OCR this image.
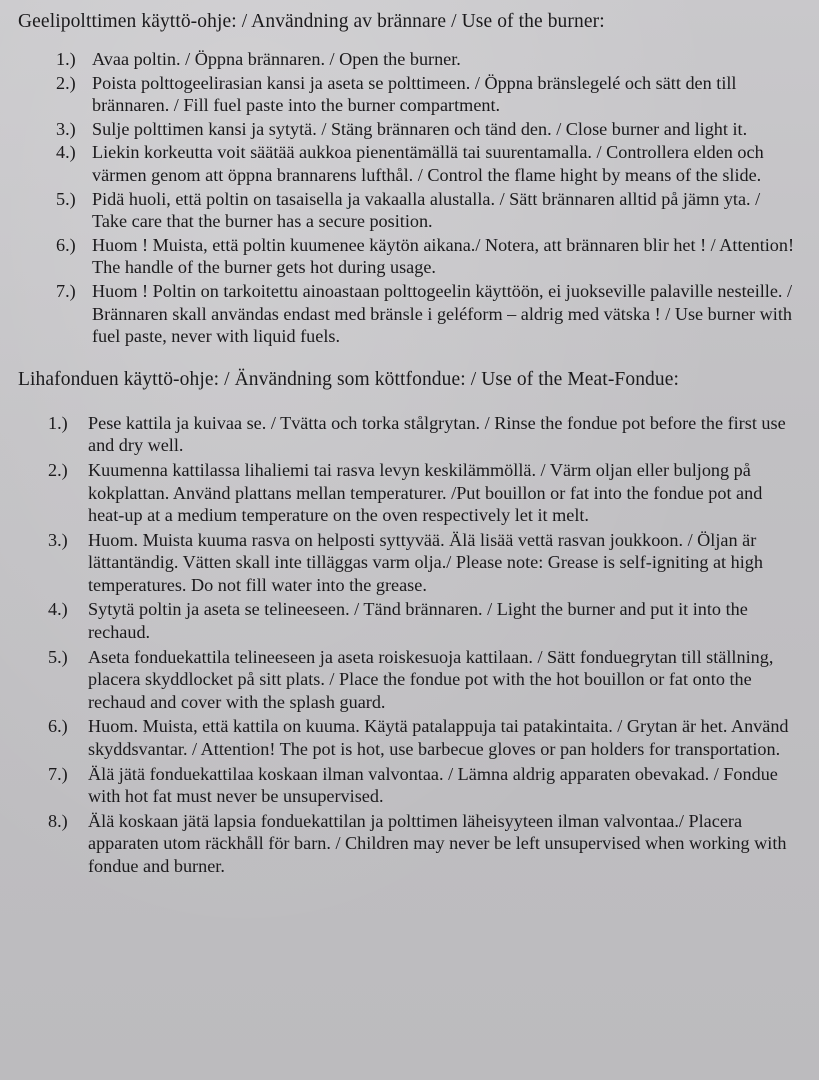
Geelipolttimen käyttö-ohje: / Användning av brännare / Use of the burner:
1.) Avaa poltin. / Öppna brännaren. / Open the burner.
2.) Poista polttogeelirasian kansi ja aseta se polttimeen. / Öppna bränslegelé och sätt den till brännaren. / Fill fuel paste into the burner compartment.
3.) Sulje polttimen kansi ja sytytä. / Stäng brännaren och tänd den. / Close burner and light it.
4.) Liekin korkeutta voit säätää aukkoa pienentämällä tai suurentamalla. / Controllera elden och värmen genom att öppna brannarens lufthål. / Control the flame hight by means of the slide.
5.) Pidä huoli, että poltin on tasaisella ja vakaalla alustalla. / Sätt brännaren alltid på jämn yta. / Take care that the burner has a secure position.
6.) Huom ! Muista, että poltin kuumenee käytön aikana./ Notera, att brännaren blir het ! / Attention! The handle of the burner gets hot during usage.
7.) Huom ! Poltin on tarkoitettu ainoastaan polttogeelin käyttöön, ei juokseville palaville nesteille. / Brännaren skall användas endast med bränsle i geléform – aldrig med vätska ! / Use burner with fuel paste, never with liquid fuels.
Lihafonduen käyttö-ohje: / Änvändning som köttfondue: / Use of the Meat-Fondue:
1.)	Pese kattila ja kuivaa se. / Tvätta och torka stålgrytan. / Rinse the fondue pot before the first use and dry well.
2.)	Kuumenna kattilassa lihaliemi tai rasva levyn keskilämmöllä. / Värm oljan eller buljong på kokplattan. Använd plattans mellan temperaturer. /Put bouillon or fat into the fondue pot and heat-up at a medium temperature on the oven respectively let it melt.
3.)	Huom. Muista kuuma rasva on helposti syttyvää. Älä lisää vettä rasvan joukkoon. / Öljan är lättantändig. Vätten skall inte tilläggas varm olja./ Please note: Grease is self-igniting at high temperatures. Do not fill water into the grease.
4.)	Sytytä poltin ja aseta se telineeseen. / Tänd brännaren. / Light the burner and put it into the rechaud.
5.)	Aseta fonduekattila telineeseen ja aseta roiskesuoja kattilaan. / Sätt fonduegrytan till ställning, placera skyddlocket på sitt plats. / Place the fondue pot with the hot bouillon or fat onto the rechaud and cover with the splash guard.
6.)	Huom. Muista, että kattila on kuuma. Käytä patalappuja tai patakintaita. / Grytan är het. Använd skyddsvantar. / Attention! The pot is hot, use barbecue gloves or pan holders for transportation.
7.)	Älä jätä fonduekattilaa koskaan ilman valvontaa. / Lämna aldrig apparaten obevakad. / Fondue with hot fat must never be unsupervised.
8.)	Älä koskaan jätä lapsia fonduekattilan ja polttimen läheisyyteen ilman valvontaa./ Placera apparaten utom räckhåll för barn. / Children may never be left unsupervised when working with fondue and burner.
